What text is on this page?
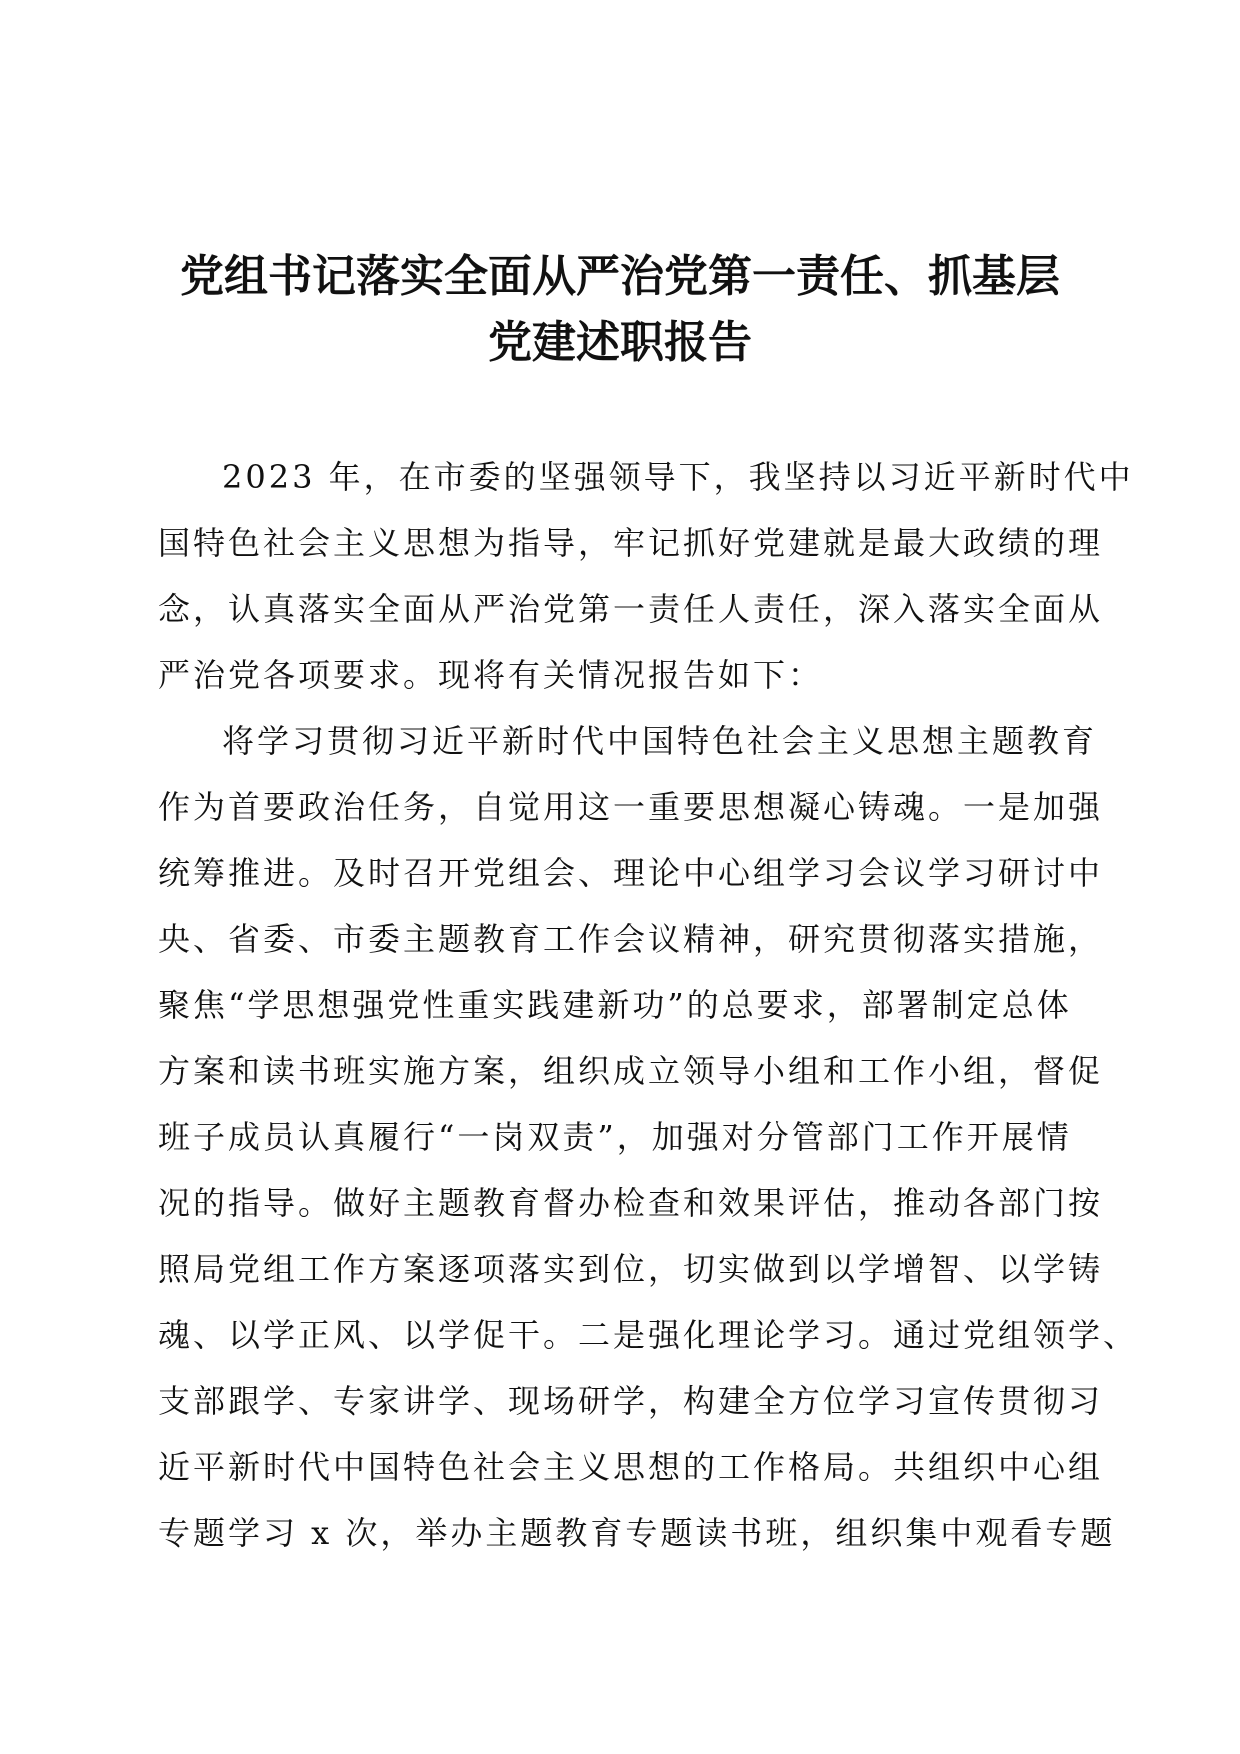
党组书记落实全面从严治党第一责任、抓基层
党建述职报告
2023 年，在市委的坚强领导下，我坚持以习近平新时代中
国特色社会主义思想为指导，牢记抓好党建就是最大政绩的理
念，认真落实全面从严治党第一责任人责任，深入落实全面从
严治党各项要求。现将有关情况报告如下：
将学习贯彻习近平新时代中国特色社会主义思想主题教育
作为首要政治任务，自觉用这一重要思想凝心铸魂。一是加强
统筹推进。及时召开党组会、理论中心组学习会议学习研讨中
央、省委、市委主题教育工作会议精神，研究贯彻落实措施，
聚焦“学思想强党性重实践建新功”的总要求，部署制定总体
方案和读书班实施方案，组织成立领导小组和工作小组，督促
班子成员认真履行“一岗双责”，加强对分管部门工作开展情
况的指导。做好主题教育督办检查和效果评估，推动各部门按
照局党组工作方案逐项落实到位，切实做到以学增智、以学铸
魂、以学正风、以学促干。二是强化理论学习。通过党组领学、
支部跟学、专家讲学、现场研学，构建全方位学习宣传贯彻习
近平新时代中国特色社会主义思想的工作格局。共组织中心组
专题学习 x 次，举办主题教育专题读书班，组织集中观看专题
